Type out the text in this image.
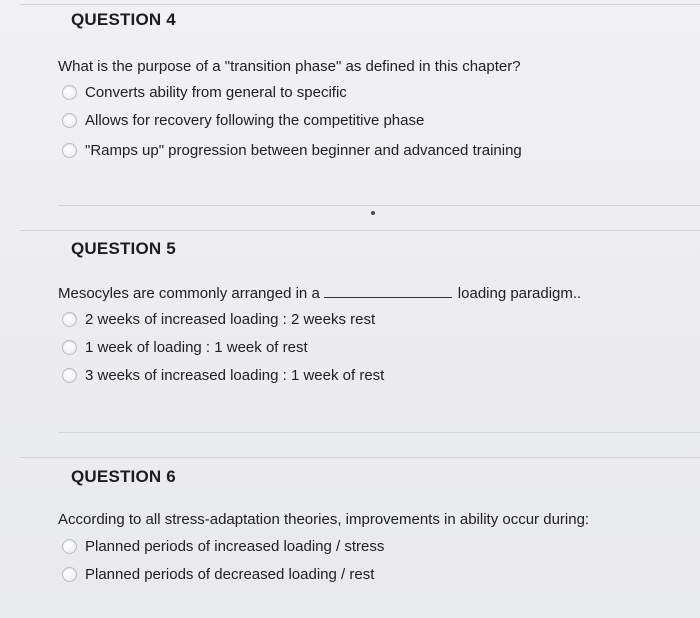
QUESTION 4
What is the purpose of a "transition phase" as defined in this chapter?
Converts ability from general to specific
Allows for recovery following the competitive phase
"Ramps up" progression between beginner and advanced training
QUESTION 5
Mesocyles are commonly arranged in a	loading paradigm..
2 weeks of increased loading : 2 weeks rest
1 week of loading : 1 week of rest
3 weeks of increased loading : 1 week of rest
QUESTION 6
According to all stress-adaptation theories, improvements in ability occur during:
Planned periods of increased loading / stress
Planned periods of decreased loading / rest
